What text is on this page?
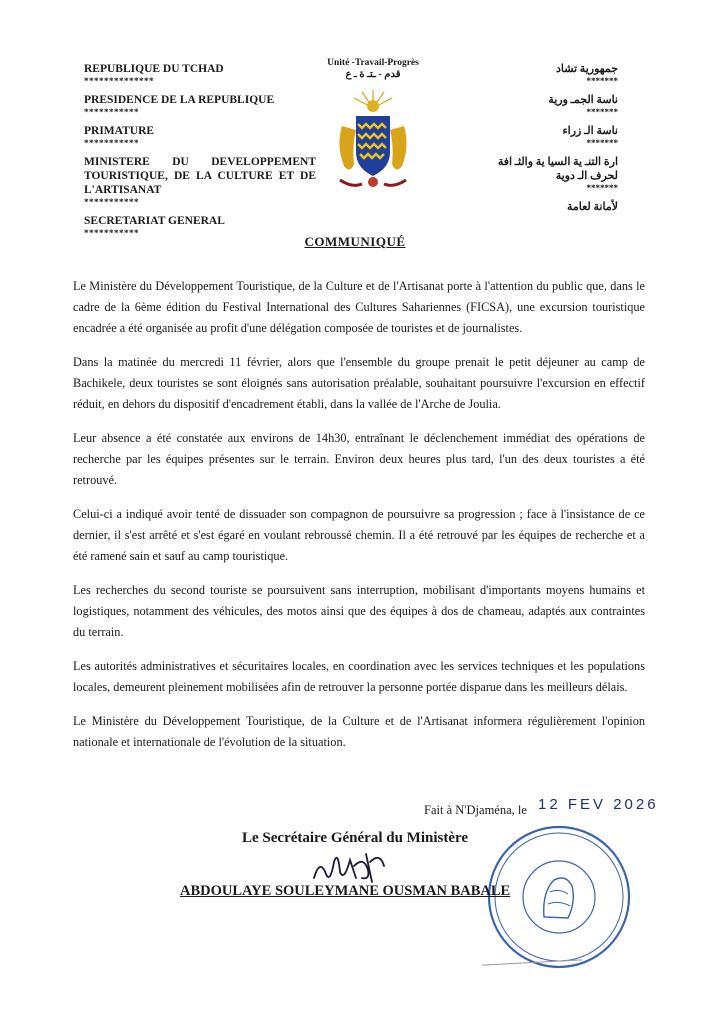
REPUBLIQUE DU TCHAD
**************
PRESIDENCE DE LA REPUBLIQUE
***********
PRIMATURE
***********
MINISTERE DU DEVELOPPEMENT TOURISTIQUE, DE LA CULTURE ET DE L'ARTISANAT
***********
SECRETARIAT GENERAL
***********
Unité -Travail-Progrès
قدم - ـتـ ة ـ ع	جمهورية تشاد
*******
ناسة الجمـ ورية
*******
ناسة الـ زراء
*******
ارة التنـ ية السيا ية والثـ افة
لحرف الـ دوية
*******
لأمانة لعامة
COMMUNIQUÉ

Le Ministère du Développement Touristique, de la Culture et de l'Artisanat porte à l'attention du public que, dans le cadre de la 6ème édition du Festival International des Cultures Sahariennes (FICSA), une excursion touristique encadrée a été organisée au profit d'une délégation composée de touristes et de journalistes.

Dans la matinée du mercredi 11 février, alors que l'ensemble du groupe prenait le petit déjeuner au camp de Bachikele, deux touristes se sont éloignés sans autorisation préalable, souhaitant poursuivre l'excursion en effectif réduit, en dehors du dispositif d'encadrement établi, dans la vallée de l'Arche de Joulia.

Leur absence a été constatée aux environs de 14h30, entraînant le déclenchement immédiat des opérations de recherche par les équipes présentes sur le terrain. Environ deux heures plus tard, l'un des deux touristes a été retrouvé.

Celui-ci a indiqué avoir tenté de dissuader son compagnon de poursuivre sa progression ; face à l'insistance de ce dernier, il s'est arrêté et s'est égaré en voulant rebroussé chemin. Il a été retrouvé par les équipes de recherche et a été ramené sain et sauf au camp touristique.

Les recherches du second touriste se poursuivent sans interruption, mobilisant d'importants moyens humains et logistiques, notamment des véhicules, des motos ainsi que des équipes à dos de chameau, adaptés aux contraintes du terrain.

Les autorités administratives et sécuritaires locales, en coordination avec les services techniques et les populations locales, demeurent pleinement mobilisées afin de retrouver la personne portée disparue dans les meilleurs délais.

Le Ministère du Développement Touristique, de la Culture et de l'Artisanat informera régulièrement l'opinion nationale et internationale de l'évolution de la situation.

Fait à N'Djaména, le 12 FEV 2026
Le Secrétaire Général du Ministère
ABDOULAYE SOULEYMANE OUSMAN BABALE
